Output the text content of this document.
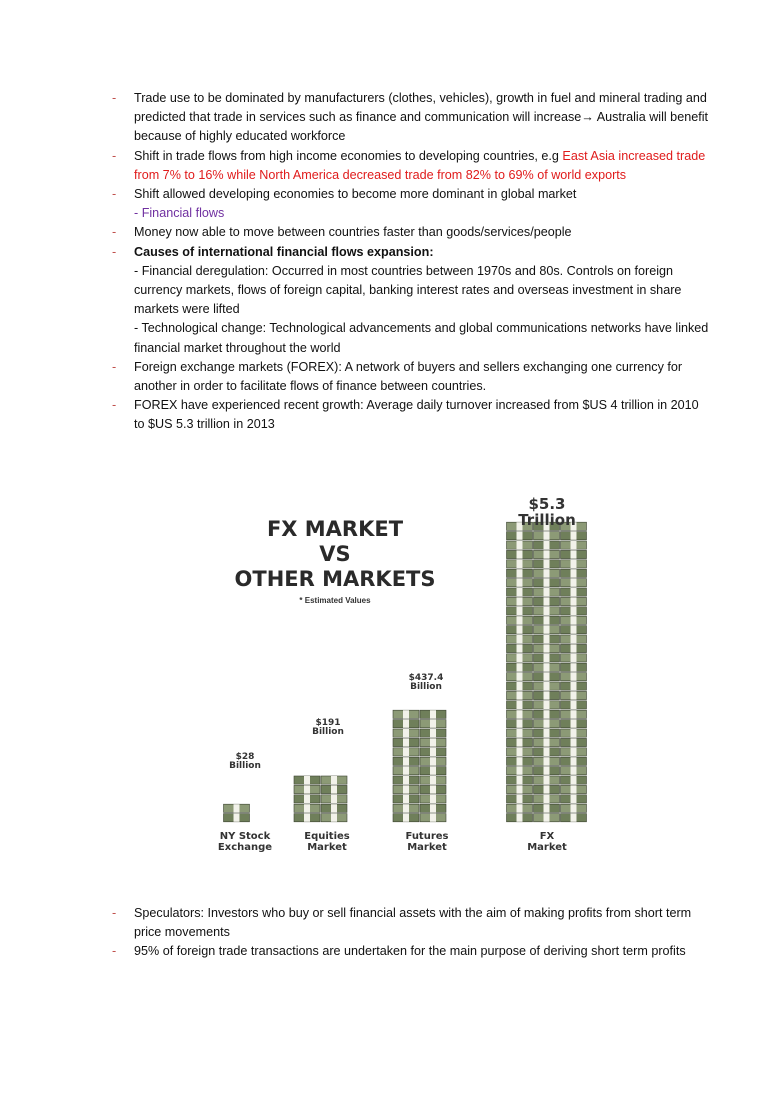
- Trade use to be dominated by manufacturers (clothes, vehicles), growth in fuel and mineral trading and predicted that trade in services such as finance and communication will increase→ Australia will benefit because of highly educated workforce
- Shift in trade flows from high income economies to developing countries, e.g East Asia increased trade from 7% to 16% while North America decreased trade from 82% to 69% of world exports
- Shift allowed developing economies to become more dominant in global market
- Financial flows
- Money now able to move between countries faster than goods/services/people
- Causes of international financial flows expansion:
- Financial deregulation: Occurred in most countries between 1970s and 80s. Controls on foreign currency markets, flows of foreign capital, banking interest rates and overseas investment in share markets were lifted
- Technological change: Technological advancements and global communications networks have linked financial market throughout the world
- Foreign exchange markets (FOREX): A network of buyers and sellers exchanging one currency for another in order to facilitate flows of finance between countries.
- FOREX have experienced recent growth: Average daily turnover increased from $US 4 trillion in 2010 to $US 5.3 trillion in 2013
FX MARKET
VS
OTHER MARKETS
* Estimated Values
$28
Billion
$191
Billion
$437.4
Billion
$5.3
Trillion
NY Stock
Exchange
Equities
Market
Futures
Market
FX
Market
- Speculators: Investors who buy or sell financial assets with the aim of making profits from short term price movements
- 95% of foreign trade transactions are undertaken for the main purpose of deriving short term profits
